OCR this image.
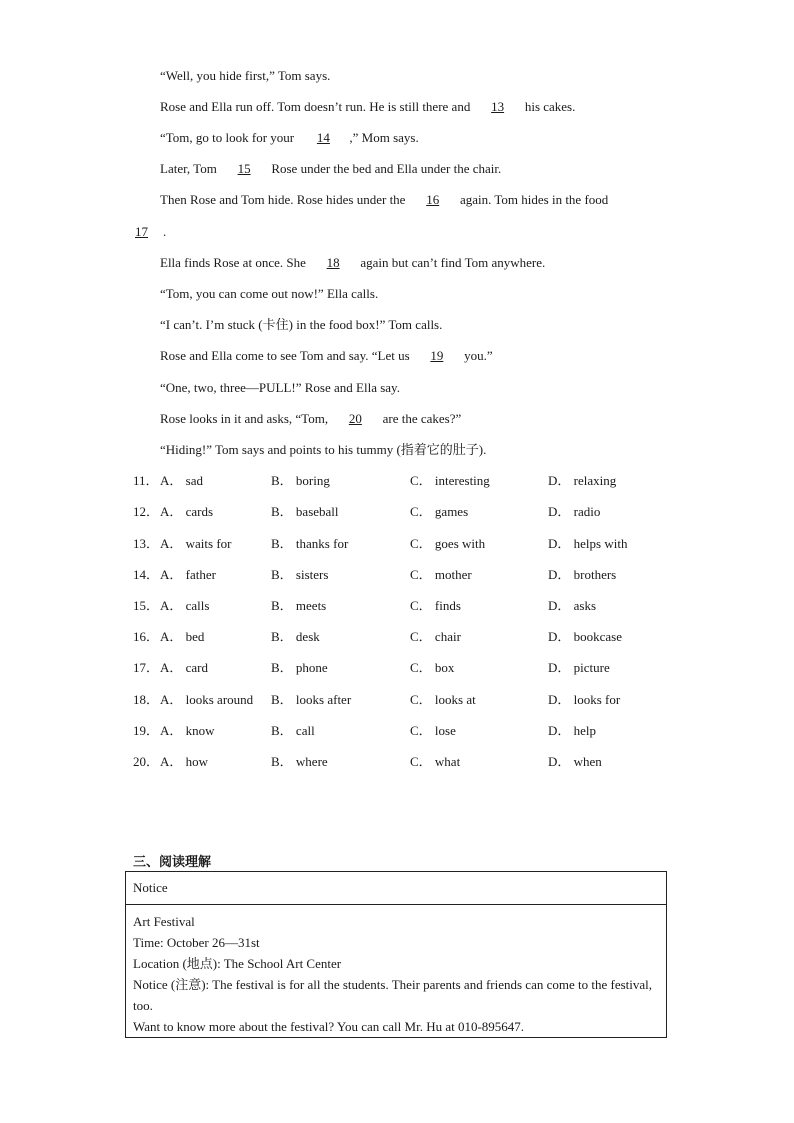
“Well, you hide first,” Tom says.
Rose and Ella run off. Tom doesn’t run. He is still there and 13 his cakes.
“Tom, go to look for your 14 ,” Mom says.
Later, Tom 15 Rose under the bed and Ella under the chair.
Then Rose and Tom hide. Rose hides under the 16 again. Tom hides in the food
17 .
Ella finds Rose at once. She 18 again but can’t find Tom anywhere.
“Tom, you can come out now!” Ella calls.
“I can’t. I’m stuck (卡住) in the food box!” Tom calls.
Rose and Ella come to see Tom and say. “Let us 19 you.”
“One, two, three—PULL!” Rose and Ella say.
Rose looks in it and asks, “Tom, 20 are the cakes?”
“Hiding!” Tom says and points to his tummy (指着它的肚子).
11． A． sad	B． boring	C． interesting	D． relaxing
12． A． cards	B． baseball	C． games	D． radio
13． A． waits for	B． thanks for	C． goes with	D． helps with
14． A． father	B． sisters	C． mother	D． brothers
15． A． calls	B． meets	C． finds	D． asks
16． A． bed	B． desk	C． chair	D． bookcase
17． A． card	B． phone	C． box	D． picture
18． A． looks around B． looks after	C． looks at	D． looks for
19． A． know	B． call	C． lose	D． help
20． A． how	B． where	C． what	D． when
三、阅读理解
Notice
Art Festival
Time: October 26—31st
Location (地点): The School Art Center
Notice (注意): The festival is for all the students. Their parents and friends can come to the festival, too.
Want to know more about the festival? You can call Mr. Hu at 010-895647.
